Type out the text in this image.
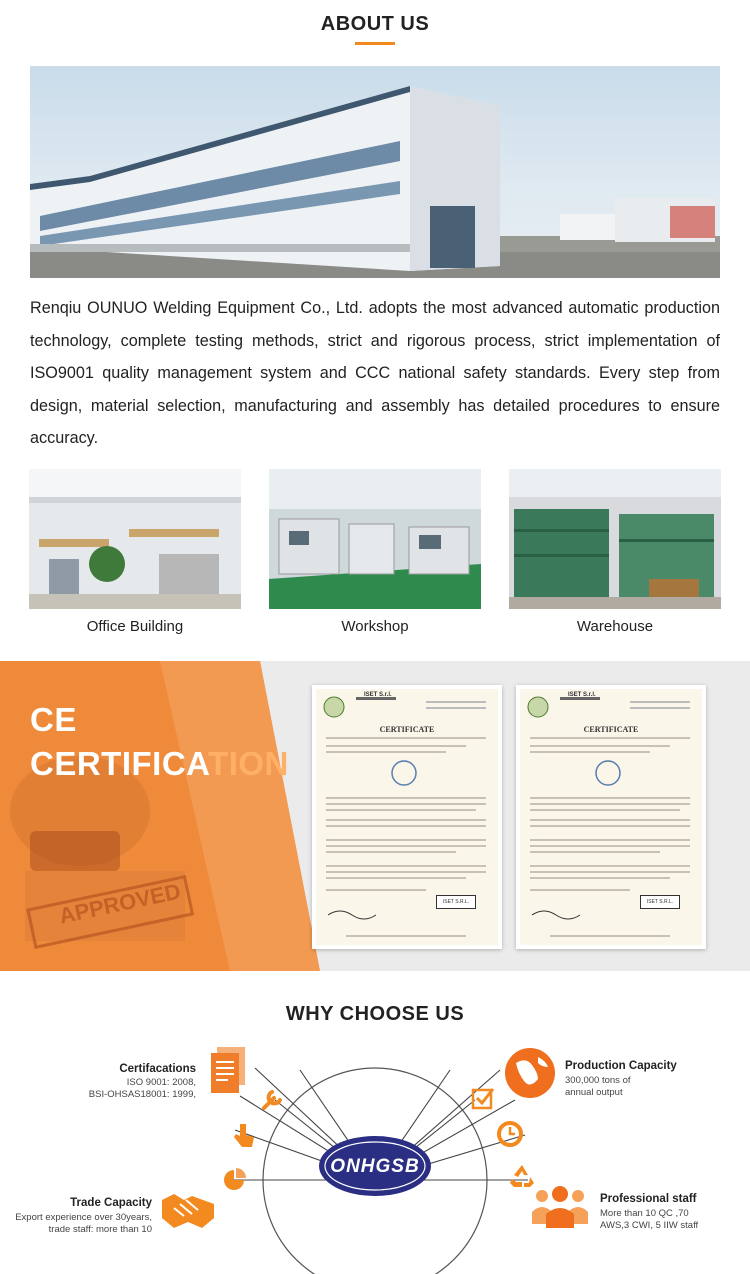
ABOUT US
Renqiu OUNUO Welding Equipment Co., Ltd. adopts the most advanced automatic production technology, complete testing methods, strict and rigorous process, strict implementation of ISO9001 quality management system and CCC national safety standards. Every step from design, material selection, manufacturing and assembly has detailed procedures to ensure accuracy.
Office Building	Workshop	Warehouse
APPROVED
CE
CERTIFICATION
ISET S.r.l.
CERTIFICATE
ISET S.R.L.
ISET S.r.l.
CERTIFICATE
ISET S.R.L.
WHY CHOOSE US
ONHGSB
Certifacations
ISO 9001: 2008,
BSI-OHSAS18001: 1999,
Production Capacity
300,000 tons of
annual output
Trade Capacity
Export experience over 30years,
trade staff: more than 10
Professional staff
More than 10 QC ,70
AWS,3 CWI, 5 IIW staff
